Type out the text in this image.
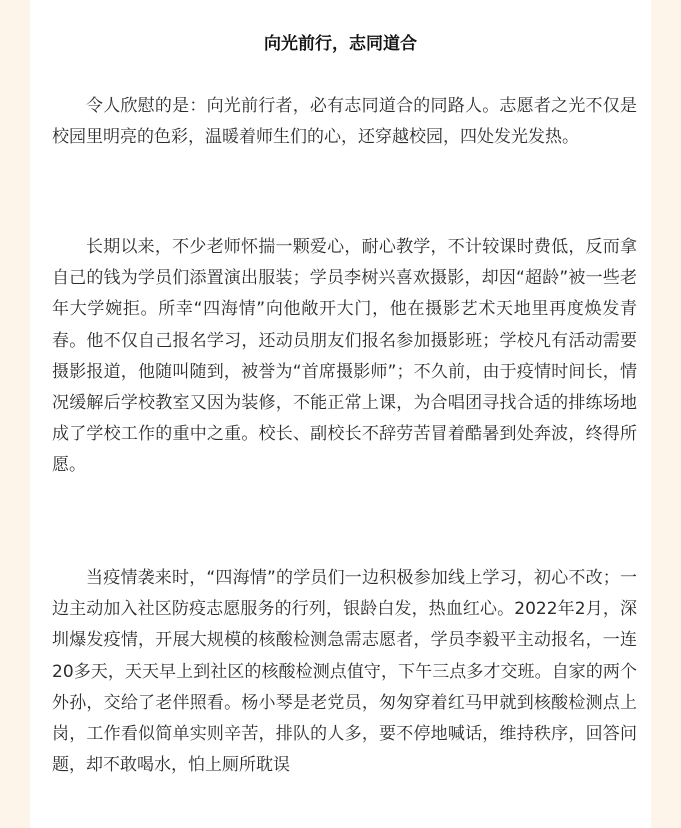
向光前行，志同道合

令人欣慰的是：向光前行者，必有志同道合的同路人。志愿者之光不仅是校园里明亮的色彩，温暖着师生们的心，还穿越校园，四处发光发热。

长期以来，不少老师怀揣一颗爱心，耐心教学，不计较课时费低，反而拿自己的钱为学员们添置演出服装；学员李树兴喜欢摄影，却因“超龄”被一些老年大学婉拒。所幸“四海情”向他敞开大门，他在摄影艺术天地里再度焕发青春。他不仅自己报名学习，还动员朋友们报名参加摄影班；学校凡有活动需要摄影报道，他随叫随到，被誉为“首席摄影师”；不久前，由于疫情时间长，情况缓解后学校教室又因为装修，不能正常上课，为合唱团寻找合适的排练场地成了学校工作的重中之重。校长、副校长不辞劳苦冒着酷暑到处奔波，终得所愿。

当疫情袭来时，“四海情”的学员们一边积极参加线上学习，初心不改；一边主动加入社区防疫志愿服务的行列，银龄白发，热血红心。2022年2月，深圳爆发疫情，开展大规模的核酸检测急需志愿者，学员李毅平主动报名，一连20多天，天天早上到社区的核酸检测点值守，下午三点多才交班。自家的两个外孙，交给了老伴照看。杨小琴是老党员，匆匆穿着红马甲就到核酸检测点上岗，工作看似简单实则辛苦，排队的人多，要不停地喊话，维持秩序，回答问题，却不敢喝水，怕上厕所耽误
